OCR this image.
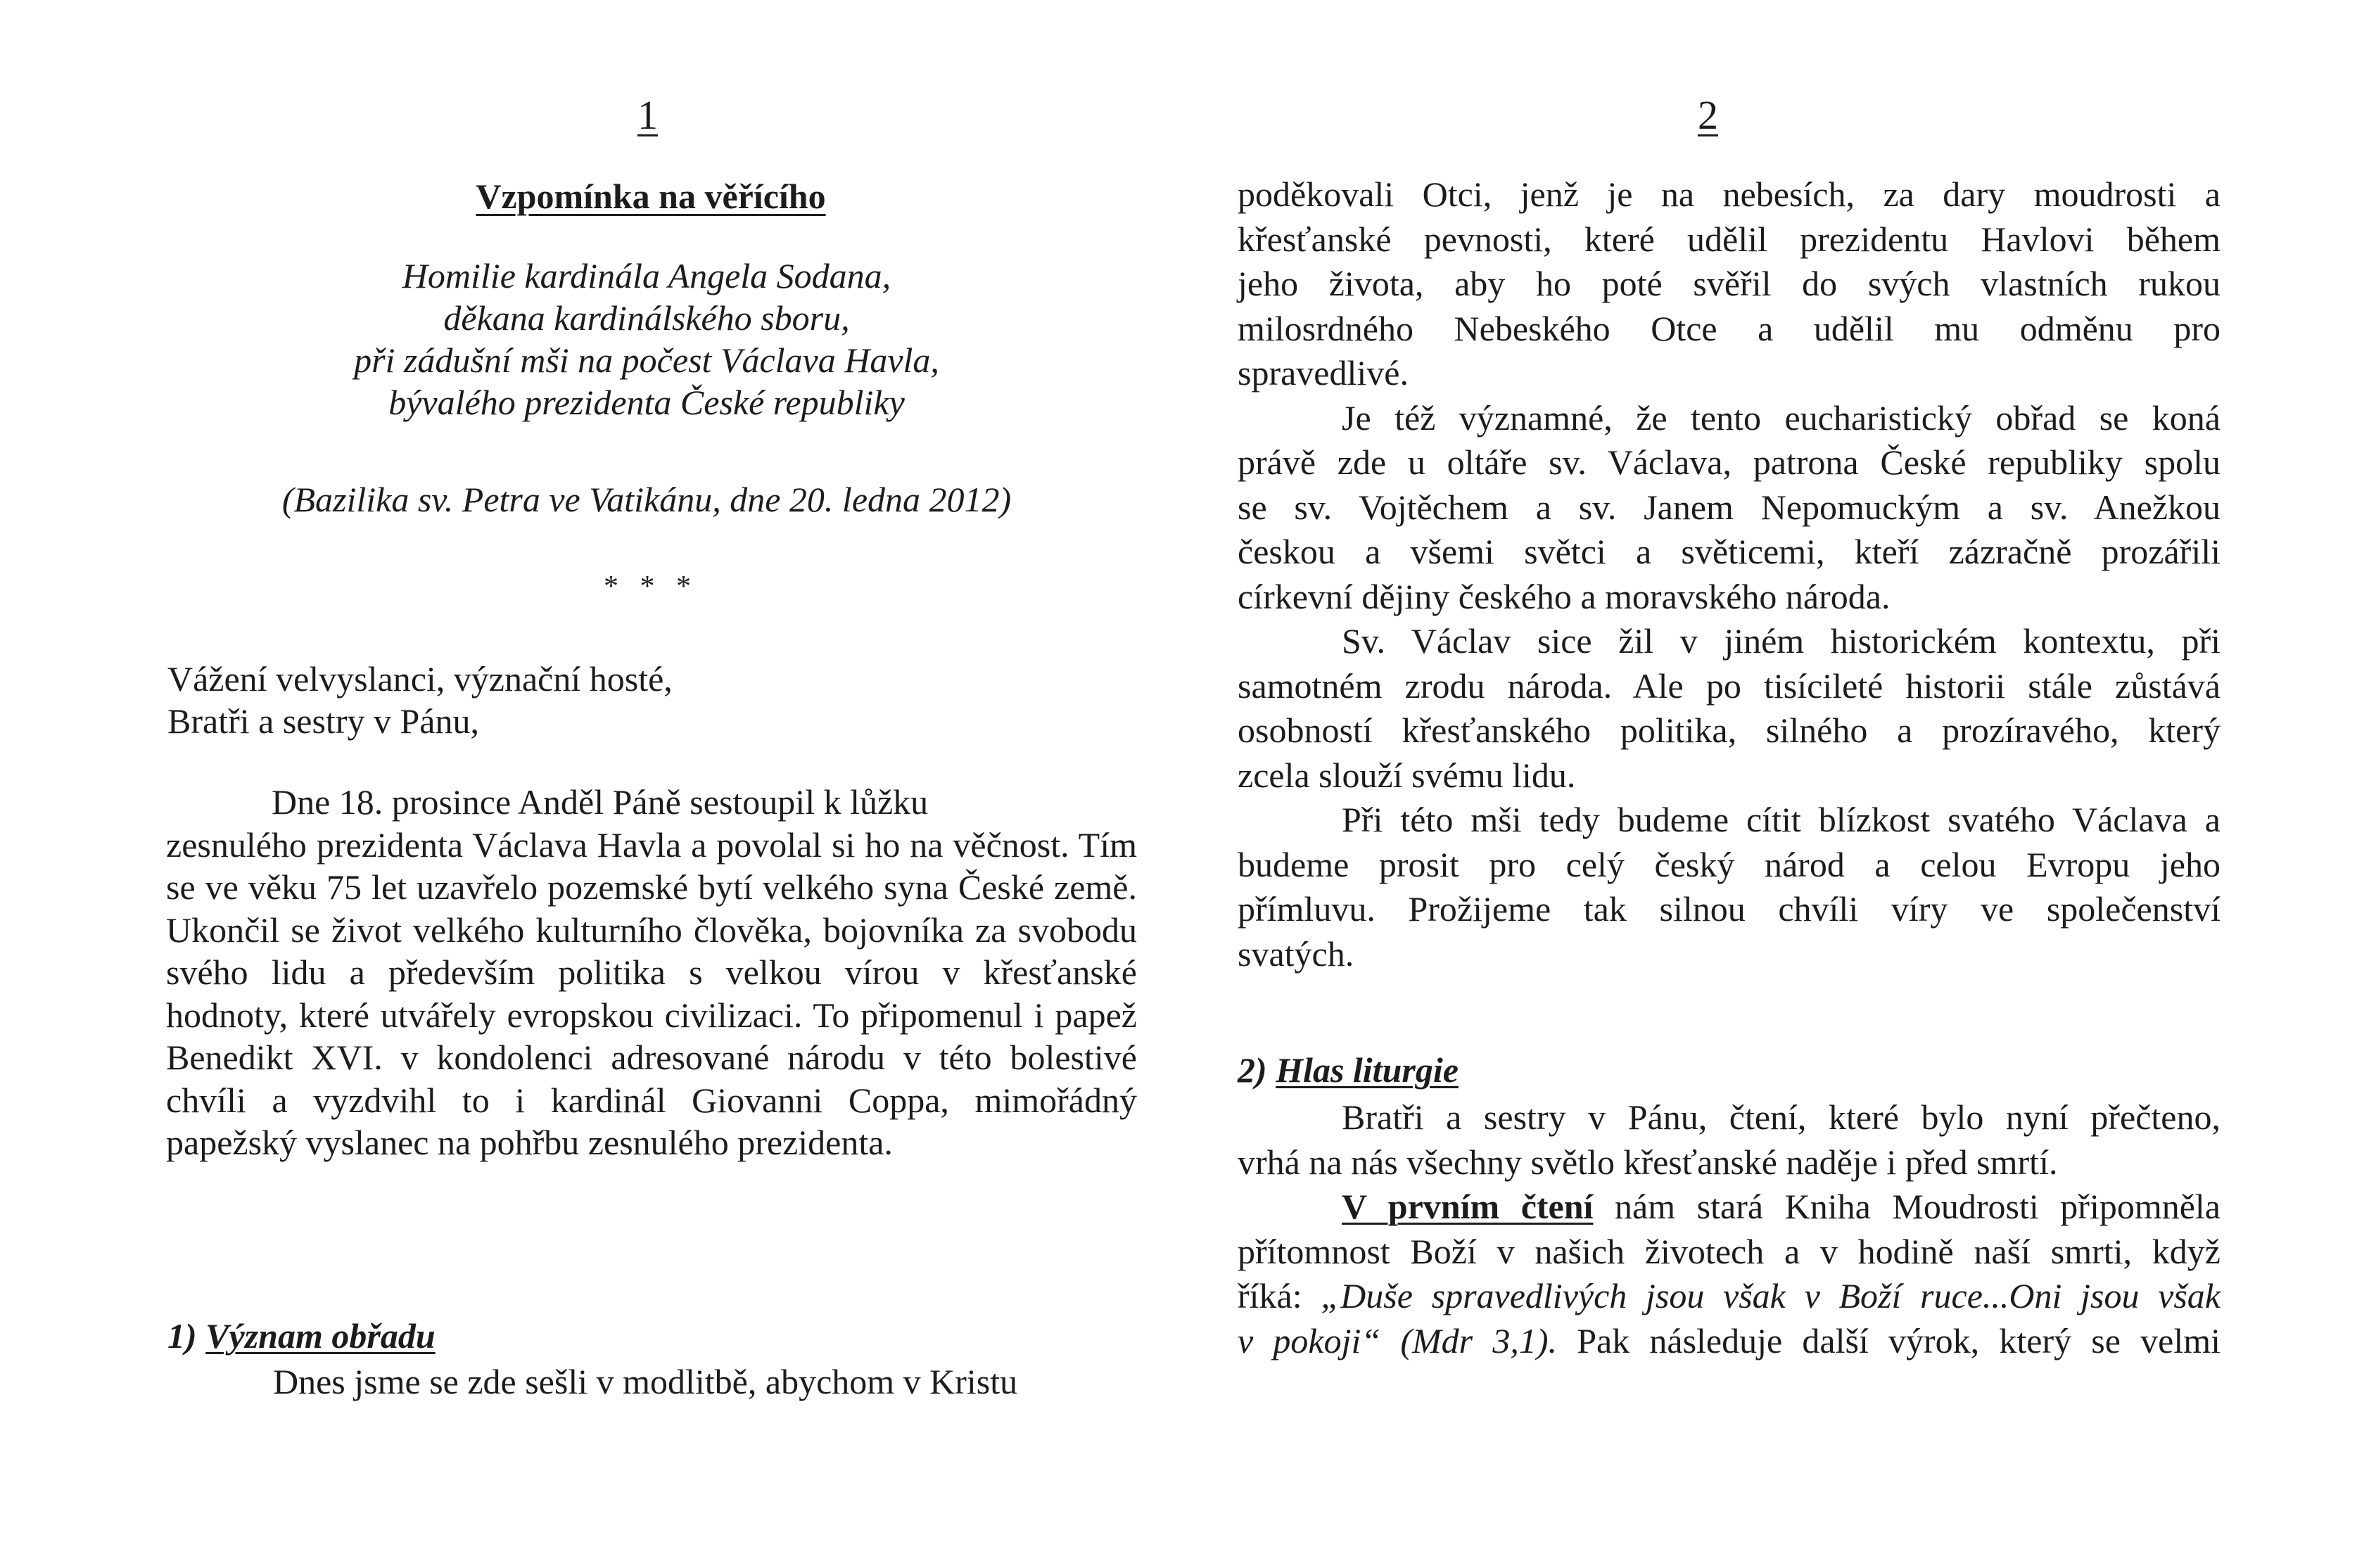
1
Vzpomínka na věřícího
Homilie kardinála Angela Sodana,
děkana kardinálského sboru,
při zádušní mši na počest Václava Havla,
bývalého prezidenta České republiky
(Bazilika sv. Petra ve Vatikánu, dne 20. ledna 2012)
* * *
Vážení velvyslanci, význační hosté,
Bratři a sestry v Pánu,
Dne 18. prosince Anděl Páně sestoupil k lůžku
zesnulého prezidenta Václava Havla a povolal si ho na věčnost. Tím se ve věku 75 let uzavřelo pozemské bytí velkého syna České země. Ukončil se život velkého kulturního člověka, bojovníka za svobodu svého lidu a především politika s velkou vírou v křesťanské hodnoty, které utvářely evropskou civilizaci. To připomenul i papež Benedikt XVI. v kondolenci adresované národu v této bolestivé chvíli a vyzdvihl to i kardinál Giovanni Coppa, mimořádný papežský vyslanec na pohřbu zesnulého prezidenta.
1) Význam obřadu
Dnes jsme se zde sešli v modlitbě, abychom v Kristu
2
poděkovali Otci, jenž je na nebesích, za dary moudrosti a
křesťanské pevnosti, které udělil prezidentu Havlovi během
jeho života, aby ho poté svěřil do svých vlastních rukou
milosrdného Nebeského Otce a udělil mu odměnu pro
spravedlivé.
Je též významné, že tento eucharistický obřad se koná
právě zde u oltáře sv. Václava, patrona České republiky spolu
se sv. Vojtěchem a sv. Janem Nepomuckým a sv. Anežkou
českou a všemi světci a světicemi, kteří zázračně prozářili
církevní dějiny českého a moravského národa.
Sv. Václav sice žil v jiném historickém kontextu, při
samotném zrodu národa. Ale po tisícileté historii stále zůstává
osobností křesťanského politika, silného a prozíravého, který
zcela slouží svému lidu.
Při této mši tedy budeme cítit blízkost svatého Václava a
budeme prosit pro celý český národ a celou Evropu jeho
přímluvu. Prožijeme tak silnou chvíli víry ve společenství
svatých.
2) Hlas liturgie
Bratři a sestry v Pánu, čtení, které bylo nyní přečteno,
vrhá na nás všechny světlo křesťanské naděje i před smrtí.
V prvním čtení nám stará Kniha Moudrosti připomněla
přítomnost Boží v našich životech a v hodině naší smrti, když
říká: „Duše spravedlivých jsou však v Boží ruce...Oni jsou však
v pokoji“ (Mdr 3,1). Pak následuje další výrok, který se velmi
